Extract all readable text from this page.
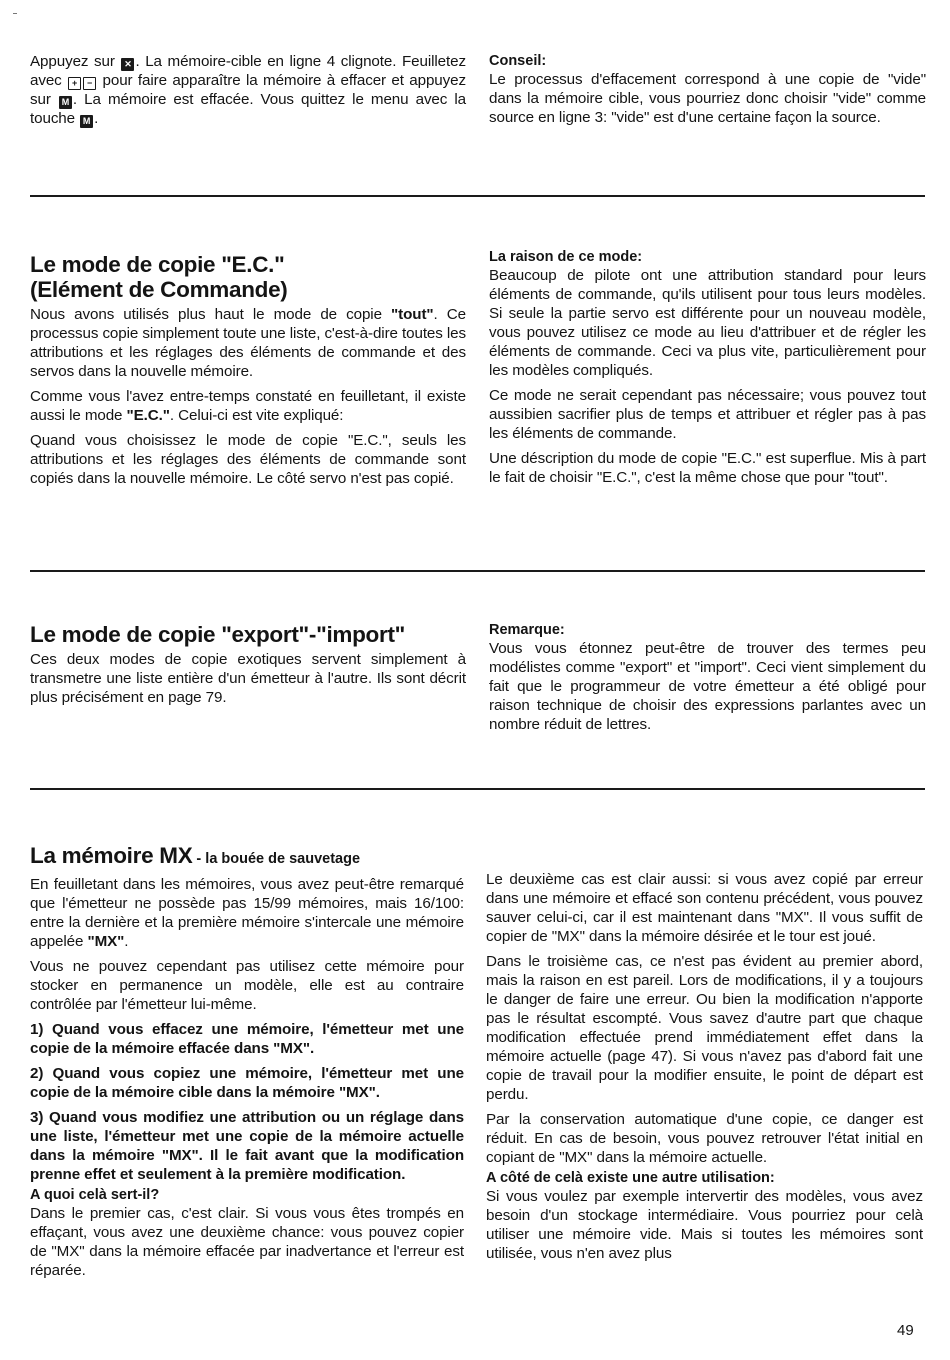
Appuyez sur ✕ . La mémoire-cible en ligne 4 clignote. Feuilletez avec + − pour faire apparaître la mémoire à effacer et appuyez sur M . La mémoire est effacée. Vous quittez le menu avec la touche M .

Conseil:

Le processus d'effacement correspond à une copie de "vide" dans la mémoire cible, vous pourriez donc choisir "vide" comme source en ligne 3: "vide" est d'une certaine façon la source.

Le mode de copie "E.C."
(Elément de Commande)

Nous avons utilisés plus haut le mode de copie "tout". Ce processus copie simplement toute une liste, c'est-à-dire toutes les attributions et les réglages des éléments de commande et des servos dans la nouvelle mémoire.

Comme vous l'avez entre-temps constaté en feuilletant, il existe aussi le mode "E.C.". Celui-ci est vite expliqué:

Quand vous choisissez le mode de copie "E.C.", seuls les attributions et les réglages des éléments de commande sont copiés dans la nouvelle mémoire. Le côté servo n'est pas copié.

La raison de ce mode:

Beaucoup de pilote ont une attribution standard pour leurs éléments de commande, qu'ils utilisent pour tous leurs modèles. Si seule la partie servo est différente pour un nouveau modèle, vous pouvez utilisez ce mode au lieu d'attribuer et de régler les éléments de commande. Ceci va plus vite, particulièrement pour les modèles compliqués.

Ce mode ne serait cependant pas nécessaire; vous pouvez tout aussibien sacrifier plus de temps et attribuer et régler pas à pas les éléments de commande.

Une déscription du mode de copie "E.C." est superflue. Mis à part le fait de choisir "E.C.", c'est la même chose que pour "tout".

Le mode de copie "export"-"import"

Ces deux modes de copie exotiques servent simplement à transmetre une liste entière d'un émetteur à l'autre. Ils sont décrit plus précisément en page 79.

Remarque:

Vous vous étonnez peut-être de trouver des termes peu modélistes comme "export" et "import". Ceci vient simplement du fait que le programmeur de votre émetteur a été obligé pour raison technique de choisir des expressions parlantes avec un nombre réduit de lettres.

La mémoire MX - la bouée de sauvetage

En feuilletant dans les mémoires, vous avez peut-être remarqué que l'émetteur ne possède pas 15/99 mémoires, mais 16/100: entre la dernière et la première mémoire s'intercale une mémoire appelée "MX".

Vous ne pouvez cependant pas utilisez cette mémoire pour stocker en permanence un modèle, elle est au contraire contrôlée par l'émetteur lui-même.

1) Quand vous effacez une mémoire, l'émetteur met une copie de la mémoire effacée dans "MX".

2) Quand vous copiez une mémoire, l'émetteur met une copie de la mémoire cible dans la mémoire "MX".

3) Quand vous modifiez une attribution ou un réglage dans une liste, l'émetteur met une copie de la mémoire actuelle dans la mémoire "MX". Il le fait avant que la modification prenne effet et seulement à la première modification.

A quoi celà sert-il?

Dans le premier cas, c'est clair. Si vous vous êtes trompés en effaçant, vous avez une deuxième chance: vous pouvez copier de "MX" dans la mémoire effacée par inadvertance et l'erreur est réparée.

Le deuxième cas est clair aussi: si vous avez copié par erreur dans une mémoire et effacé son contenu précédent, vous pouvez sauver celui-ci, car il est maintenant dans "MX". Il vous suffit de copier de "MX" dans la mémoire désirée et le tour est joué.

Dans le troisième cas, ce n'est pas évident au premier abord, mais la raison en est pareil. Lors de modifications, il y a toujours le danger de faire une erreur. Ou bien la modification n'apporte pas le résultat escompté. Vous savez d'autre part que chaque modification effectuée prend immédiatement effet dans la mémoire actuelle (page 47). Si vous n'avez pas d'abord fait une copie de travail pour la modifier ensuite, le point de départ est perdu.

Par la conservation automatique d'une copie, ce danger est réduit. En cas de besoin, vous pouvez retrouver l'état initial en copiant de "MX" dans la mémoire actuelle.

A côté de celà existe une autre utilisation:

Si vous voulez par exemple intervertir des modèles, vous avez besoin d'un stockage intermédiaire. Vous pourriez pour celà utiliser une mémoire vide. Mais si toutes les mémoires sont utilisée, vous n'en avez plus

49
